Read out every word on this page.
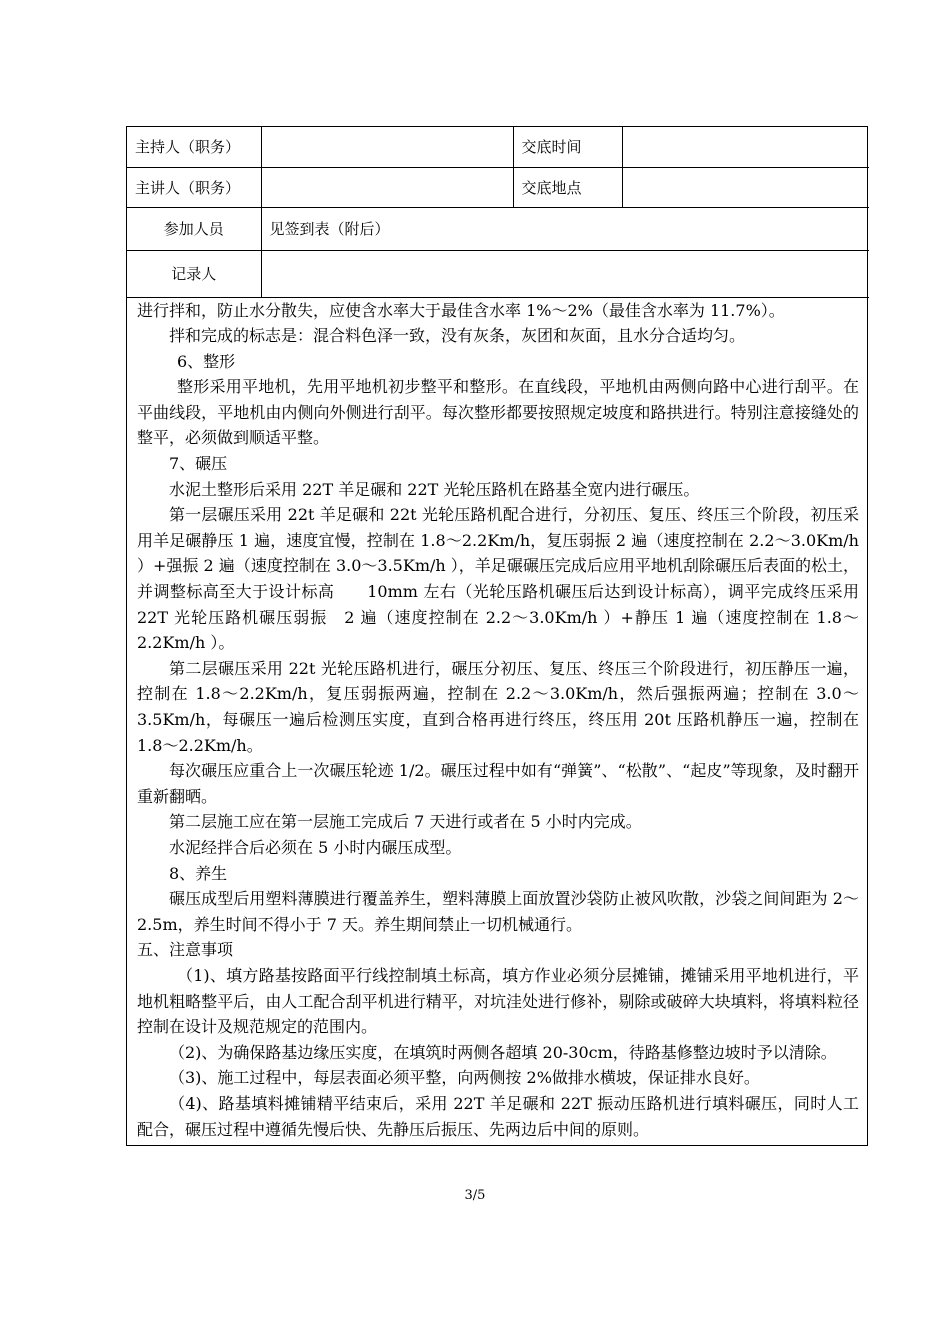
主持人（职务）		交底时间	
主讲人（职务）		交底地点	
参加人员	见签到表（附后）		
记录人			

进行拌和，防止水分散失，应使含水率大于最佳含水率 1%～2%（最佳含水率为 11.7%）。

拌和完成的标志是：混合料色泽一致，没有灰条，灰团和灰面，且水分合适均匀。

6、整形

整形采用平地机，先用平地机初步整平和整形。在直线段，平地机由两侧向路中心进行刮平。在平曲线段，平地机由内侧向外侧进行刮平。每次整形都要按照规定坡度和路拱进行。特别注意接缝处的整平，必须做到顺适平整。

7、碾压

水泥土整形后采用 22T 羊足碾和 22T 光轮压路机在路基全宽内进行碾压。

第一层碾压采用 22t 羊足碾和 22t 光轮压路机配合进行，分初压、复压、终压三个阶段，初压采用羊足碾静压 1 遍，速度宜慢，控制在 1.8～2.2Km/h，复压弱振 2 遍（速度控制在 2.2～3.0Km/h ）+强振 2 遍（速度控制在 3.0～3.5Km/h ），羊足碾碾压完成后应用平地机刮除碾压后表面的松土，并调整标高至大于设计标高　　10mm 左右（光轮压路机碾压后达到设计标高），调平完成终压采用　22T 光轮压路机碾压弱振　2 遍（速度控制在 2.2～3.0Km/h ）+静压 1 遍（速度控制在 1.8～2.2Km/h ）。

第二层碾压采用 22t 光轮压路机进行，碾压分初压、复压、终压三个阶段进行，初压静压一遍，控制在 1.8～2.2Km/h，复压弱振两遍，控制在 2.2～3.0Km/h，然后强振两遍；控制在 3.0～3.5Km/h，每碾压一遍后检测压实度，直到合格再进行终压，终压用 20t 压路机静压一遍，控制在 1.8～2.2Km/h。

每次碾压应重合上一次碾压轮迹 1/2。碾压过程中如有“弹簧”、“松散”、“起皮”等现象，及时翻开重新翻晒。

第二层施工应在第一层施工完成后 7 天进行或者在 5 小时内完成。

水泥经拌合后必须在 5 小时内碾压成型。

8、养生

碾压成型后用塑料薄膜进行覆盖养生，塑料薄膜上面放置沙袋防止被风吹散，沙袋之间间距为 2～2.5m，养生时间不得小于 7 天。养生期间禁止一切机械通行。

五、注意事项

（1)、填方路基按路面平行线控制填土标高，填方作业必须分层摊铺，摊铺采用平地机进行，平地机粗略整平后，由人工配合刮平机进行精平，对坑洼处进行修补，剔除或破碎大块填料，将填料粒径控制在设计及规范规定的范围内。

（2)、为确保路基边缘压实度，在填筑时两侧各超填 20-30cm，待路基修整边坡时予以清除。

（3)、施工过程中，每层表面必须平整，向两侧按 2%做排水横坡，保证排水良好。

（4)、路基填料摊铺精平结束后，采用 22T 羊足碾和 22T 振动压路机进行填料碾压，同时人工配合，碾压过程中遵循先慢后快、先静压后振压、先两边后中间的原则。

3/5
